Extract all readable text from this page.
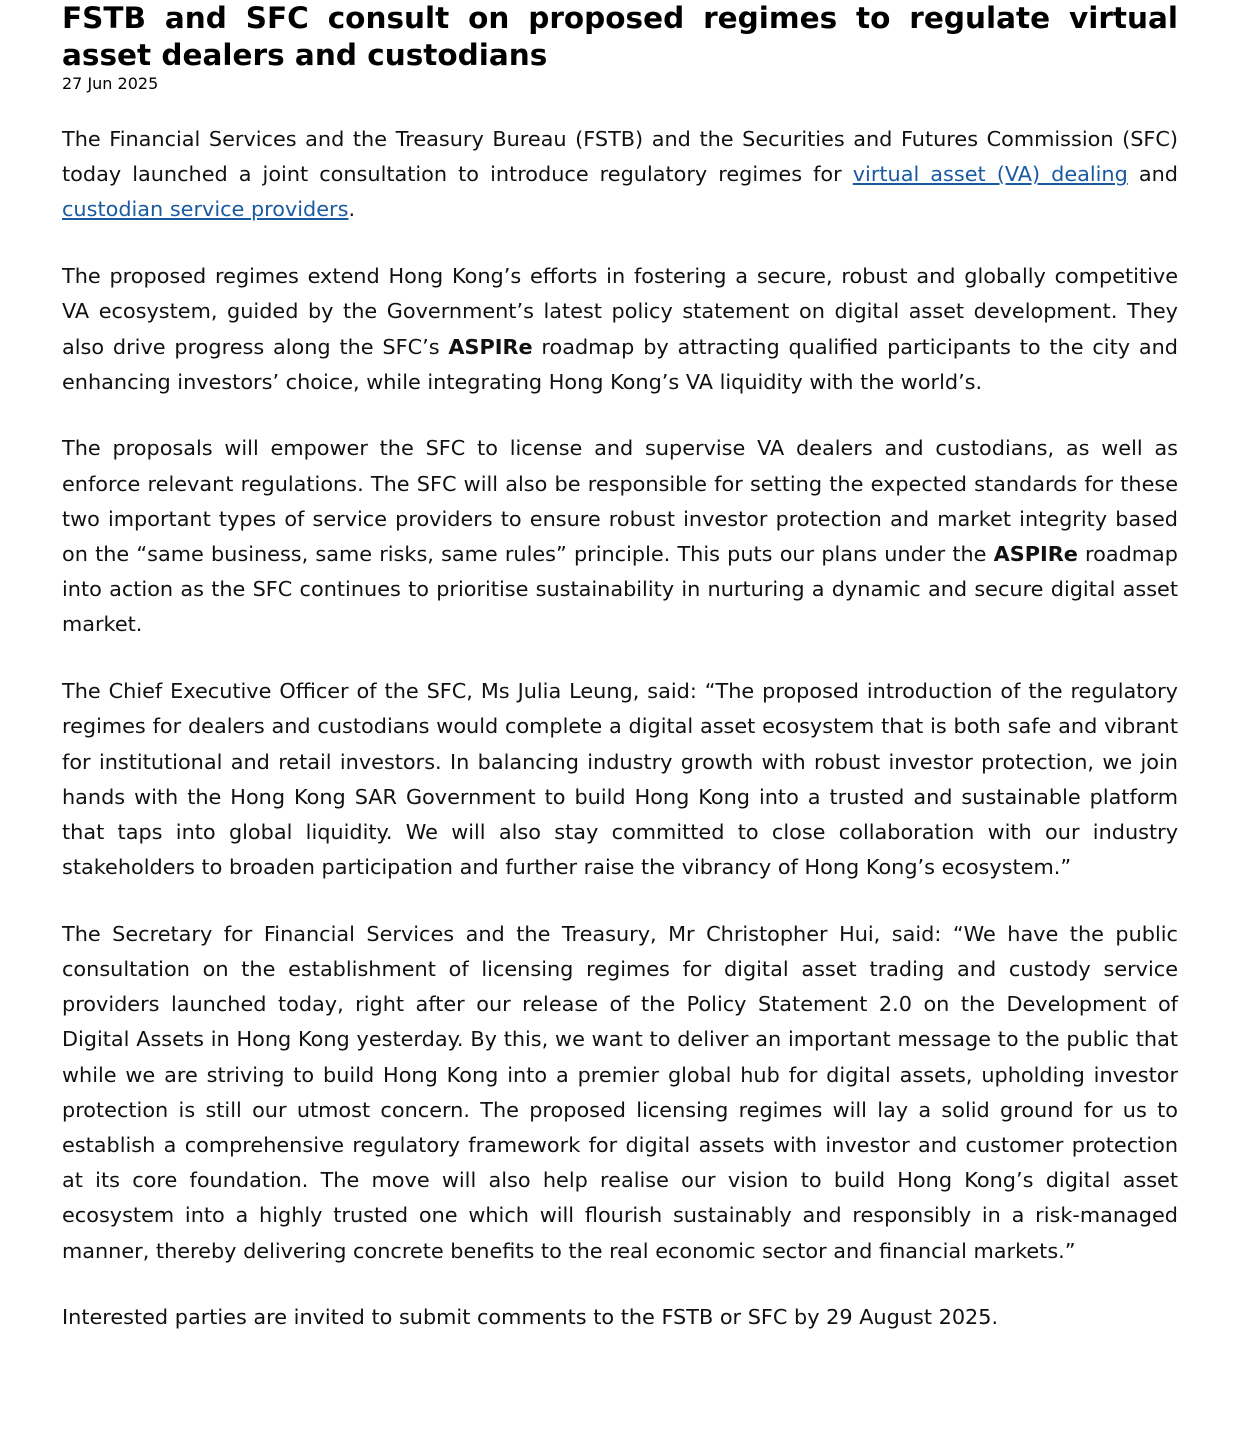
FSTB and SFC consult on proposed regimes to regulate virtual asset dealers and custodians
27 Jun 2025

The Financial Services and the Treasury Bureau (FSTB) and the Securities and Futures Commission (SFC) today launched a joint consultation to introduce regulatory regimes for virtual asset (VA) dealing and custodian service providers.

The proposed regimes extend Hong Kong’s efforts in fostering a secure, robust and globally competitive VA ecosystem, guided by the Government’s latest policy statement on digital asset development. They also drive progress along the SFC’s ASPIRe roadmap by attracting qualified participants to the city and enhancing investors’ choice, while integrating Hong Kong’s VA liquidity with the world’s.

The proposals will empower the SFC to license and supervise VA dealers and custodians, as well as enforce relevant regulations. The SFC will also be responsible for setting the expected standards for these two important types of service providers to ensure robust investor protection and market integrity based on the “same business, same risks, same rules” principle. This puts our plans under the ASPIRe roadmap into action as the SFC continues to prioritise sustainability in nurturing a dynamic and secure digital asset market.

The Chief Executive Officer of the SFC, Ms Julia Leung, said: “The proposed introduction of the regulatory regimes for dealers and custodians would complete a digital asset ecosystem that is both safe and vibrant for institutional and retail investors. In balancing industry growth with robust investor protection, we join hands with the Hong Kong SAR Government to build Hong Kong into a trusted and sustainable platform that taps into global liquidity. We will also stay committed to close collaboration with our industry stakeholders to broaden participation and further raise the vibrancy of Hong Kong’s ecosystem.”

The Secretary for Financial Services and the Treasury, Mr Christopher Hui, said: “We have the public consultation on the establishment of licensing regimes for digital asset trading and custody service providers launched today, right after our release of the Policy Statement 2.0 on the Development of Digital Assets in Hong Kong yesterday. By this, we want to deliver an important message to the public that while we are striving to build Hong Kong into a premier global hub for digital assets, upholding investor protection is still our utmost concern. The proposed licensing regimes will lay a solid ground for us to establish a comprehensive regulatory framework for digital assets with investor and customer protection at its core foundation. The move will also help realise our vision to build Hong Kong’s digital asset ecosystem into a highly trusted one which will flourish sustainably and responsibly in a risk-managed manner, thereby delivering concrete benefits to the real economic sector and financial markets.”

Interested parties are invited to submit comments to the FSTB or SFC by 29 August 2025.
